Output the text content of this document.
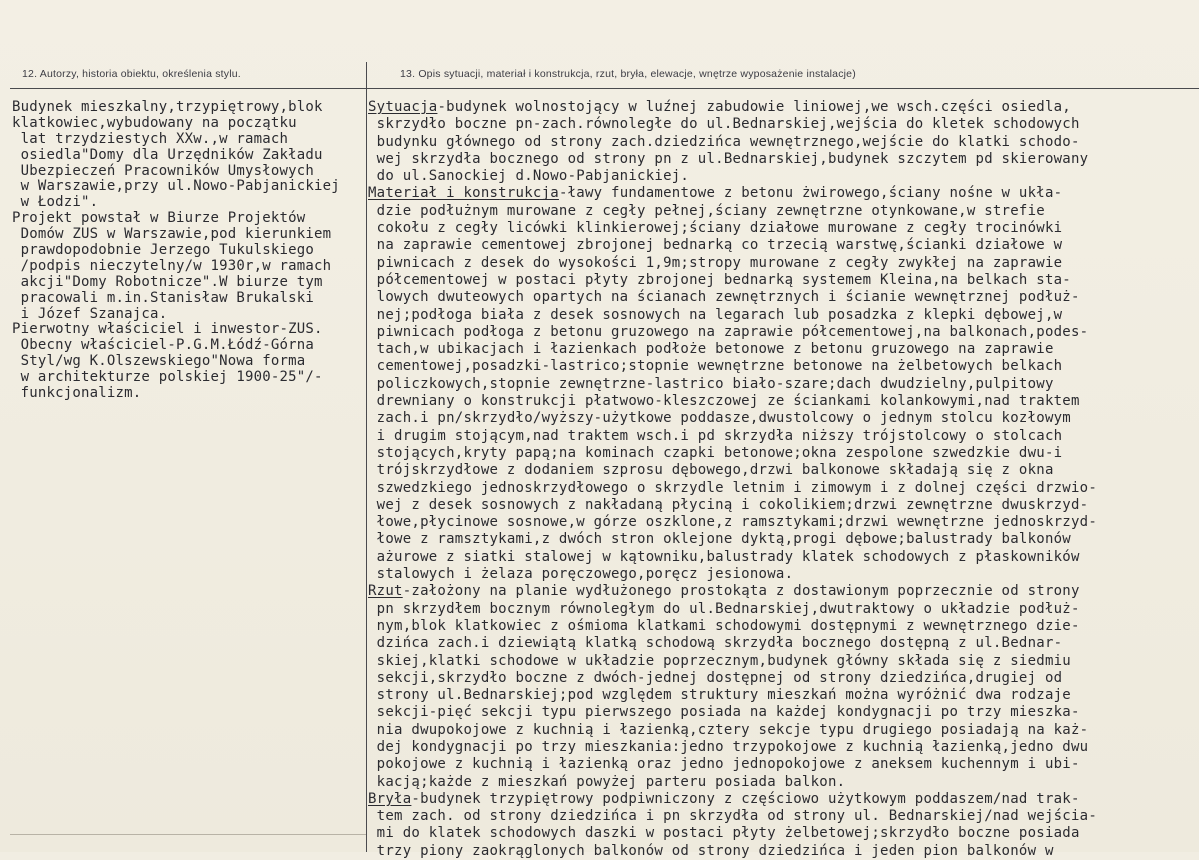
12. Autorzy, historia obiektu, określenia stylu.	13. Opis sytuacji, materiał i konstrukcja, rzut, bryła, elewacje, wnętrze wyposażenie instalacje)
Budynek mieszkalny,trzypiętrowy,blok
klatkowiec,wybudowany na początku
lat trzydziestych XXw.,w ramach
osiedla"Domy dla Urzędników Zakładu
Ubezpieczeń Pracowników Umysłowych
w Warszawie,przy ul.Nowo-Pabjanickiej
w Łodzi".
Projekt powstał w Biurze Projektów
Domów ZUS w Warszawie,pod kierunkiem
prawdopodobnie Jerzego Tukulskiego
/podpis nieczytelny/w 1930r,w ramach
akcji"Domy Robotnicze".W biurze tym
pracowali m.in.Stanisław Brukalski
i Józef Szanajca.
Pierwotny właściciel i inwestor-ZUS.
Obecny właściciel-P.G.M.Łódź-Górna
Styl/wg K.Olszewskiego"Nowa forma
w architekturze polskiej 1900-25"/-
funkcjonalizm.
Sytuacja-budynek wolnostojący w luźnej zabudowie liniowej,we wsch.części osiedla,
skrzydło boczne pn-zach.równoległe do ul.Bednarskiej,wejścia do kletek schodowych
budynku głównego od strony zach.dziedzińca wewnętrznego,wejście do klatki schodo-
wej skrzydła bocznego od strony pn z ul.Bednarskiej,budynek szczytem pd skierowany
do ul.Sanockiej d.Nowo-Pabjanickiej.
Materiał i konstrukcja-ławy fundamentowe z betonu żwirowego,ściany nośne w ukła-
dzie podłużnym murowane z cegły pełnej,ściany zewnętrzne otynkowane,w strefie
cokołu z cegły licówki klinkierowej;ściany działowe murowane z cegły trocinówki
na zaprawie cementowej zbrojonej bednarką co trzecią warstwę,ścianki działowe w
piwnicach z desek do wysokości 1,9m;stropy murowane z cegły zwykłej na zaprawie
półcementowej w postaci płyty zbrojonej bednarką systemem Kleina,na belkach sta-
lowych dwuteowych opartych na ścianach zewnętrznych i ścianie wewnętrznej podłuż-
nej;podłoga biała z desek sosnowych na legarach lub posadzka z klepki dębowej,w
piwnicach podłoga z betonu gruzowego na zaprawie półcementowej,na balkonach,podes-
tach,w ubikacjach i łazienkach podłoże betonowe z betonu gruzowego na zaprawie
cementowej,posadzki-lastrico;stopnie wewnętrzne betonowe na żelbetowych belkach
policzkowych,stopnie zewnętrzne-lastrico biało-szare;dach dwudzielny,pulpitowy
drewniany o konstrukcji płatwowo-kleszczowej ze ściankami kolankowymi,nad traktem
zach.i pn/skrzydło/wyższy-użytkowe poddasze,dwustolcowy o jednym stolcu kozłowym
i drugim stojącym,nad traktem wsch.i pd skrzydła niższy trójstolcowy o stolcach
stojących,kryty papą;na kominach czapki betonowe;okna zespolone szwedzkie dwu-i
trójskrzydłowe z dodaniem szprosu dębowego,drzwi balkonowe składają się z okna
szwedzkiego jednoskrzydłowego o skrzydle letnim i zimowym i z dolnej części drzwio-
wej z desek sosnowych z nakładaną płyciną i cokolikiem;drzwi zewnętrzne dwuskrzyd-
łowe,płycinowe sosnowe,w górze oszklone,z ramsztykami;drzwi wewnętrzne jednoskrzyd-
łowe z ramsztykami,z dwóch stron oklejone dyktą,progi dębowe;balustrady balkonów
ażurowe z siatki stalowej w kątowniku,balustrady klatek schodowych z płaskowników
stalowych i żelaza poręczowego,poręcz jesionowa.
Rzut-założony na planie wydłużonego prostokąta z dostawionym poprzecznie od strony
pn skrzydłem bocznym równoległym do ul.Bednarskiej,dwutraktowy o układzie podłuż-
nym,blok klatkowiec z ośmioma klatkami schodowymi dostępnymi z wewnętrznego dzie-
dzińca zach.i dziewiątą klatką schodową skrzydła bocznego dostępną z ul.Bednar-
skiej,klatki schodowe w układzie poprzecznym,budynek główny składa się z siedmiu
sekcji,skrzydło boczne z dwóch-jednej dostępnej od strony dziedzińca,drugiej od
strony ul.Bednarskiej;pod względem struktury mieszkań można wyróżnić dwa rodzaje
sekcji-pięć sekcji typu pierwszego posiada na każdej kondygnacji po trzy mieszka-
nia dwupokojowe z kuchnią i łazienką,cztery sekcje typu drugiego posiadają na każ-
dej kondygnacji po trzy mieszkania:jedno trzypokojowe z kuchnią łazienką,jedno dwu
pokojowe z kuchnią i łazienką oraz jedno jednopokojowe z aneksem kuchennym i ubi-
kacją;każde z mieszkań powyżej parteru posiada balkon.
Bryła-budynek trzypiętrowy podpiwniczony z częściowo użytkowym poddaszem/nad trak-
tem zach. od strony dziedzińca i pn skrzydła od strony ul. Bednarskiej/nad wejścia-
mi do klatek schodowych daszki w postaci płyty żelbetowej;skrzydło boczne posiada
trzy piony zaokrąglonych balkonów od strony dziedzińca i jeden pion balkonów w
